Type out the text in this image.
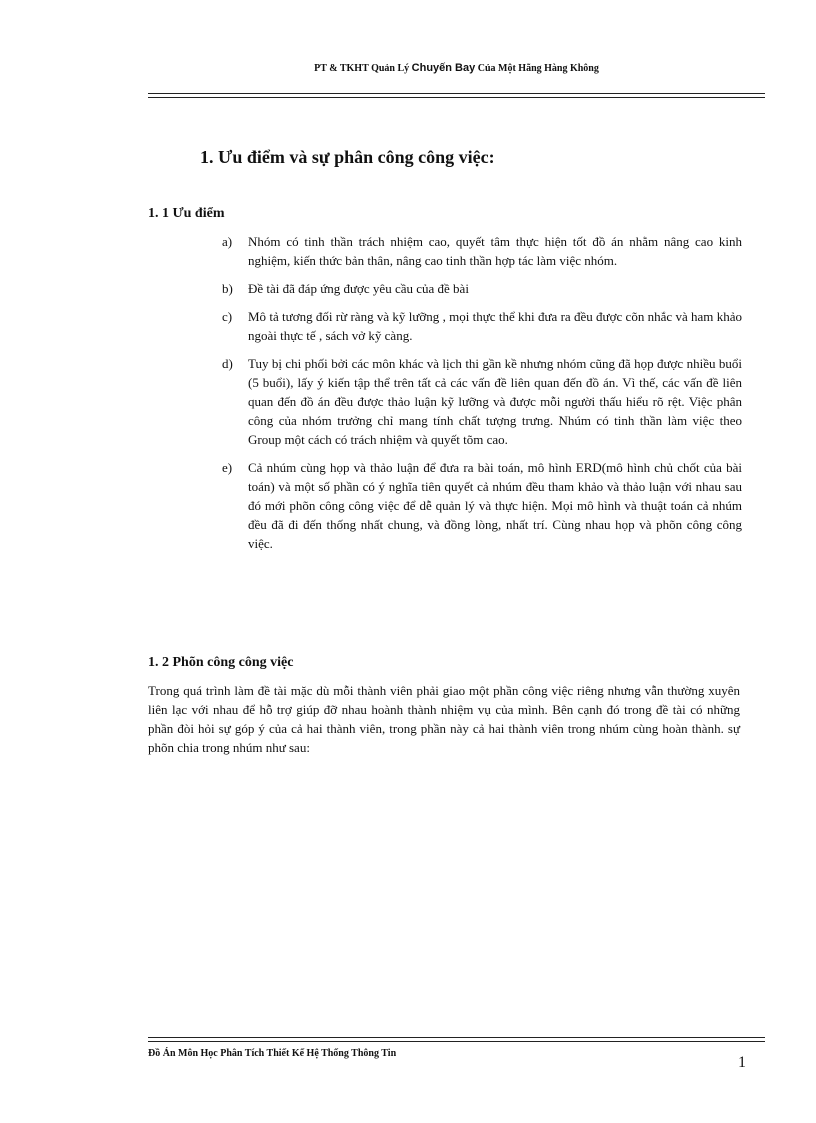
PT & TKHT Quản Lý Chuyến Bay Của Một Hãng Hàng Không
1. Ưu điểm và sự phân công công việc:
1. 1 Ưu điểm
a)	Nhóm có tinh thần trách nhiệm cao, quyết tâm thực hiện tốt đồ án nhằm nâng cao kinh nghiệm, kiến thức bản thân, nâng cao tinh thần hợp tác làm việc nhóm.
b)	Đề tài đã đáp ứng được yêu cầu của đề bài
c)	Mô tả tương đối rừ ràng và kỹ lưỡng , mọi thực thể khi đưa ra đều được cõn nhắc và ham khảo ngoài thực tế , sách vở kỹ càng.
d)	Tuy bị chi phối bởi các môn khác và lịch thi gần kề nhưng nhóm cũng đã họp được nhiều buổi (5 buổi), lấy ý kiến tập thể trên tất cả các vấn đề liên quan đến đồ án. Vì thế, các vấn đề liên quan đến đồ án đều được thảo luận kỹ lưỡng và được mỗi người thấu hiểu rõ rệt. Việc phân công của nhóm trưởng chỉ mang tính chất tượng trưng. Nhúm có tinh thần làm việc theo Group một cách có trách nhiệm và quyết tõm cao.
e)	Cả nhúm cùng họp và thảo luận để đưa ra bài toán, mô hình ERD(mô hình chủ chốt của bài toán) và một số phần có ý nghĩa tiên quyết cả nhúm đều tham khảo và thảo luận với nhau sau đó mới phõn công công việc để dễ quản lý và thực hiện. Mọi mô hình và thuật toán cả nhúm đều đã đi đến thống nhất chung, và đồng lòng, nhất trí. Cùng nhau họp và phõn công công việc.
1. 2 Phõn công công việc
Trong quá trình làm đề tài mặc dù mỗi thành viên phải giao một phần công việc riêng nhưng vẫn thường xuyên liên lạc với nhau để hỗ trợ giúp đỡ nhau hoành thành nhiệm vụ của mình. Bên cạnh đó trong đề tài có những phần đòi hỏi sự góp ý của cả hai thành viên, trong phần này cả hai thành viên trong nhúm cùng hoàn thành. sự phõn chia trong nhúm như sau:
Đồ Án Môn Học Phân Tích Thiết Kế Hệ Thống Thông Tin
1
